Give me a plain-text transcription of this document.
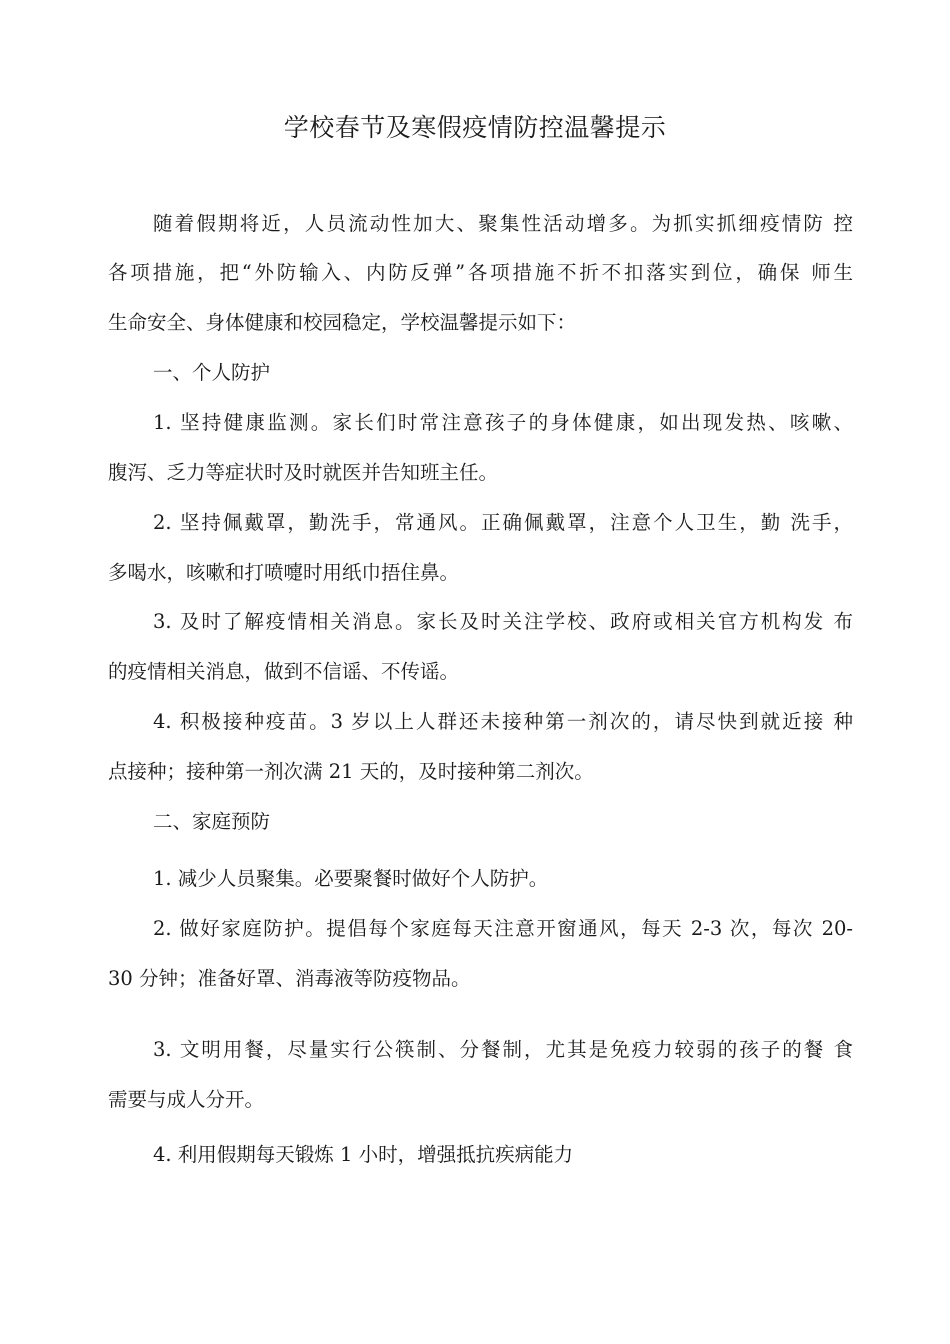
学校春节及寒假疫情防控温馨提示
随着假期将近，人员流动性加大、聚集性活动增多。为抓实抓细疫情防 控
各项措施，把“外防输入、内防反弹”各项措施不折不扣落实到位，确保 师生
生命安全、身体健康和校园稳定，学校温馨提示如下：
一、个人防护
1. 坚持健康监测。家长们时常注意孩子的身体健康，如出现发热、咳嗽、
腹泻、乏力等症状时及时就医并告知班主任。
2. 坚持佩戴罩，勤洗手，常通风。正确佩戴罩，注意个人卫生，勤 洗手，
多喝水，咳嗽和打喷嚏时用纸巾捂住鼻。
3. 及时了解疫情相关消息。家长及时关注学校、政府或相关官方机构发 布
的疫情相关消息，做到不信谣、不传谣。
4. 积极接种疫苗。3 岁以上人群还未接种第一剂次的，请尽快到就近接 种
点接种；接种第一剂次满 21 天的，及时接种第二剂次。
二、家庭预防
1. 减少人员聚集。必要聚餐时做好个人防护。
2. 做好家庭防护。提倡每个家庭每天注意开窗通风，每天 2-3 次，每次 20-
30 分钟；准备好罩、消毒液等防疫物品。
3. 文明用餐，尽量实行公筷制、分餐制，尤其是免疫力较弱的孩子的餐 食
需要与成人分开。
4. 利用假期每天锻炼 1 小时，增强抵抗疾病能力
